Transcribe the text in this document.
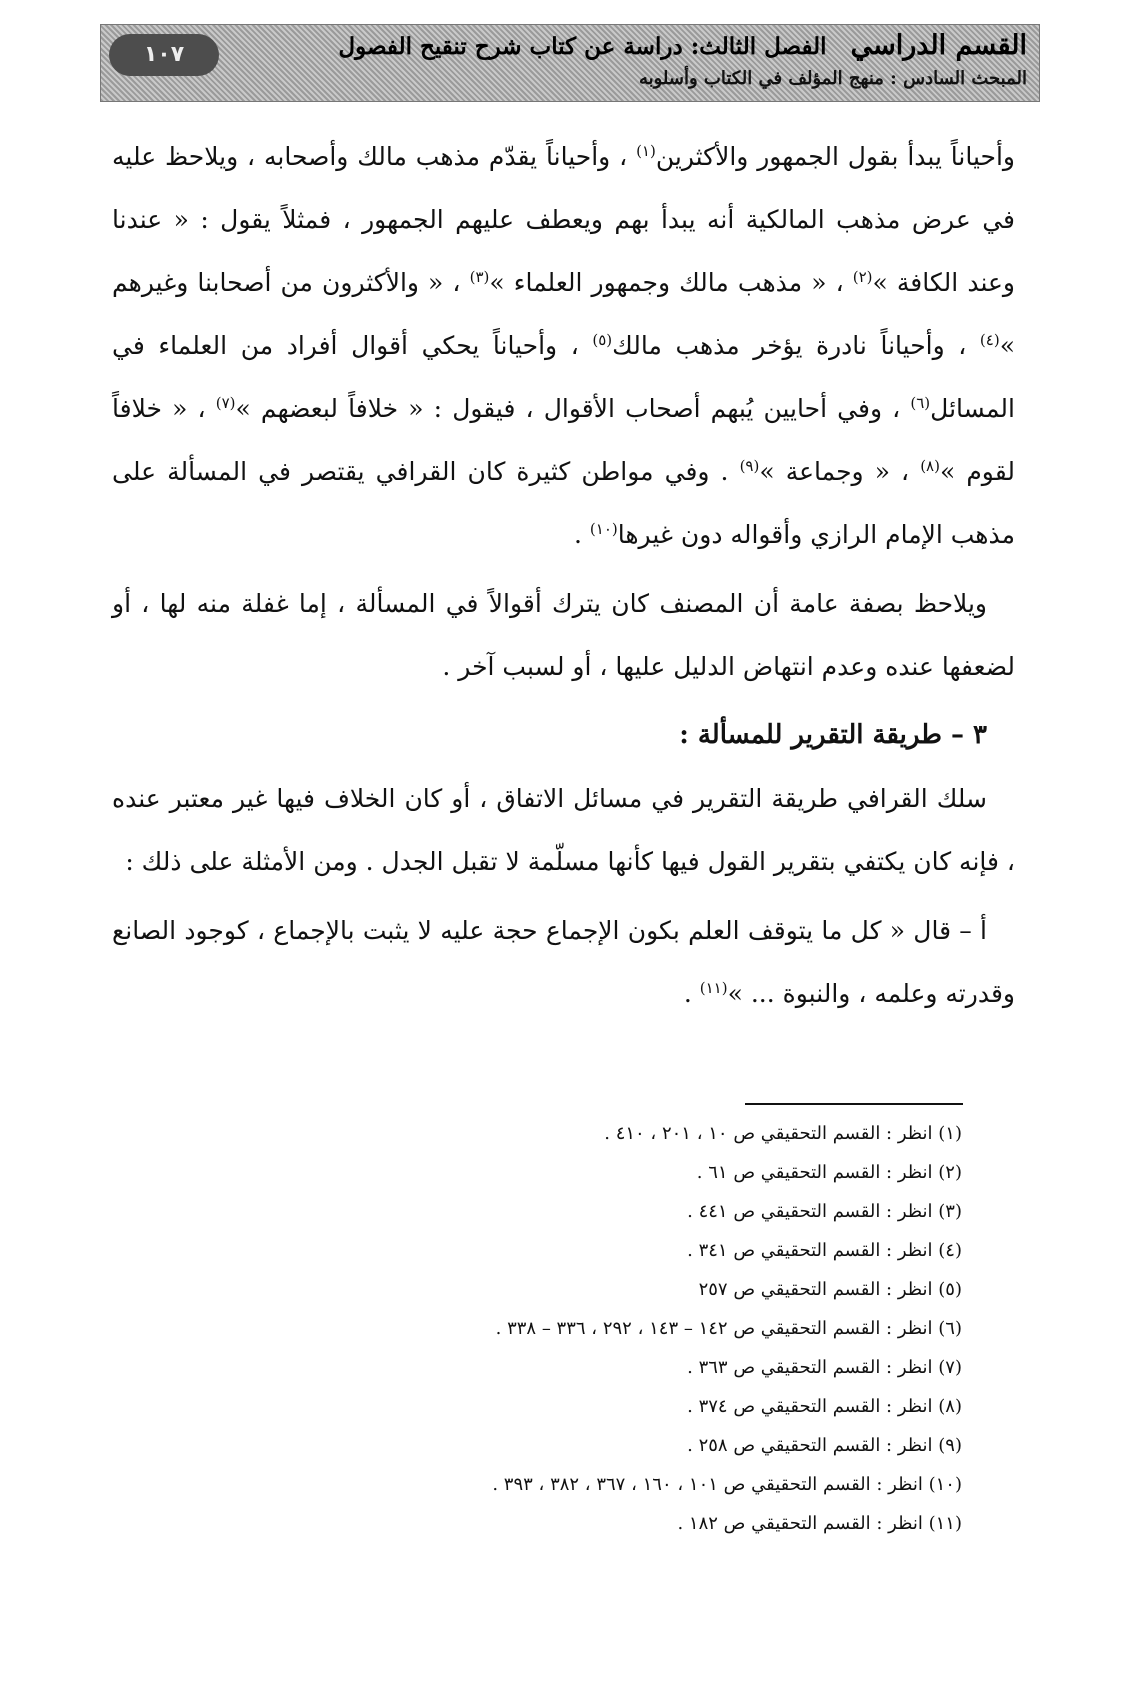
القسم الدراسي   الفصل الثالث: دراسة عن كتاب شرح تنقيح الفصول
المبحث السادس : منهج المؤلف في الكتاب وأسلوبه
١٠٧

وأحياناً يبدأ بقول الجمهور والأكثرين$^{(١)}$ ، وأحياناً يقدّم مذهب مالك وأصحابه ، ويلاحظ عليه في عرض مذهب المالكية أنه يبدأ بهم ويعطف عليهم الجمهور ، فمثلاً يقول : « عندنا وعند الكافة »$^{(٢)}$ ، « مذهب مالك وجمهور العلماء »$^{(٣)}$ ، « والأكثرون من أصحابنا وغيرهم »$^{(٤)}$ ، وأحياناً نادرة يؤخر مذهب مالك$^{(٥)}$ ، وأحياناً يحكي أقوال أفراد من العلماء في المسائل$^{(٦)}$ ، وفي أحايين يُبهم أصحاب الأقوال ، فيقول : « خلافاً لبعضهم »$^{(٧)}$ ، « خلافاً لقوم »$^{(٨)}$ ، « وجماعة »$^{(٩)}$ . وفي مواطن كثيرة كان القرافي يقتصر في المسألة على مذهب الإمام الرازي وأقواله دون غيرها$^{(١٠)}$ .

ويلاحظ بصفة عامة أن المصنف كان يترك أقوالاً في المسألة ، إما غفلة منه لها ، أو لضعفها عنده وعدم انتهاض الدليل عليها ، أو لسبب آخر .

٣ – طريقة التقرير للمسألة :

سلك القرافي طريقة التقرير في مسائل الاتفاق ، أو كان الخلاف فيها غير معتبر عنده ، فإنه كان يكتفي بتقرير القول فيها كأنها مسلّمة لا تقبل الجدل . ومن الأمثلة على ذلك :

أ – قال « كل ما يتوقف العلم بكون الإجماع حجة عليه لا يثبت بالإجماع ، كوجود الصانع وقدرته وعلمه ، والنبوة ... »$^{(١١)}$ .

(١) انظر : القسم التحقيقي ص ١٠ ، ٢٠١ ، ٤١٠ .
(٢) انظر : القسم التحقيقي ص ٦١ .
(٣) انظر : القسم التحقيقي ص ٤٤١ .
(٤) انظر : القسم التحقيقي ص ٣٤١ .
(٥) انظر : القسم التحقيقي ص ٢٥٧
(٦) انظر : القسم التحقيقي ص ١٤٢ – ١٤٣ ، ٢٩٢ ، ٣٣٦ – ٣٣٨ .
(٧) انظر : القسم التحقيقي ص ٣٦٣ .
(٨) انظر : القسم التحقيقي ص ٣٧٤ .
(٩) انظر : القسم التحقيقي ص ٢٥٨ .
(١٠) انظر : القسم التحقيقي ص ١٠١ ، ١٦٠ ، ٣٦٧ ، ٣٨٢ ، ٣٩٣ .
(١١) انظر : القسم التحقيقي ص ١٨٢ .
